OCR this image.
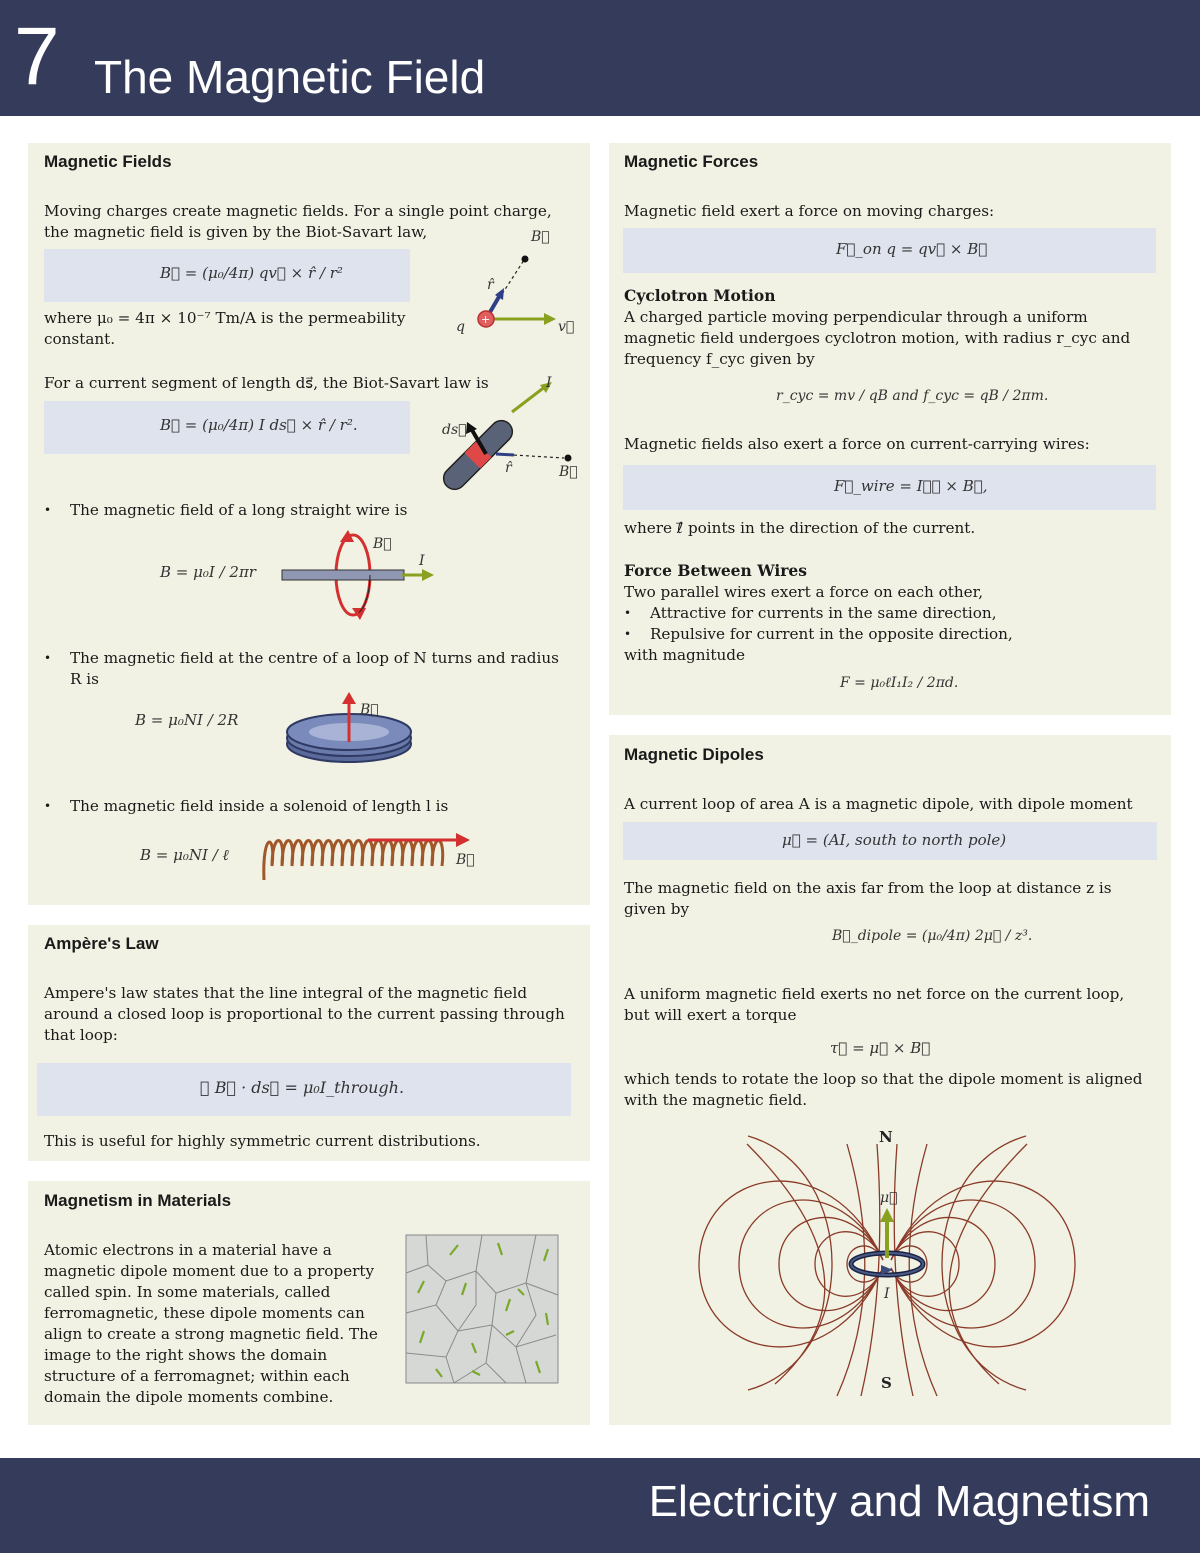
7 The Magnetic Field
Magnetic Fields
Moving charges create magnetic fields. For a single point charge, the magnetic field is given by the Biot-Savart law,
B⃗ = (μ₀/4π) qv⃗ × r̂ / r²
where μ₀ = 4π × 10⁻⁷ Tm/A is the permeability constant.
+
B⃗
r̂
q	v⃗
For a current segment of length ds⃗, the Biot-Savart law is
B⃗ = (μ₀/4π) I ds⃗ × r̂ / r².
I
ds⃗
r̂	B⃗
• The magnetic field of a long straight wire is
B = μ₀I / 2πr
B⃗
I
• The magnetic field at the centre of a loop of N turns and radius R is
B = μ₀NI / 2R
B⃗
• The magnetic field inside a solenoid of length l is
B = μ₀NI / ℓ	B⃗
Ampère's Law
Ampere's law states that the line integral of the magnetic field around a closed loop is proportional to the current passing through that loop:
∮ B⃗ · ds⃗ = μ₀I_through.
This is useful for highly symmetric current distributions.
Magnetism in Materials
Atomic electrons in a material have a magnetic dipole moment due to a property called spin. In some materials, called ferromagnetic, these dipole moments can align to create a strong magnetic field. The image to the right shows the domain structure of a ferromagnet; within each domain the dipole moments combine.
Magnetic Forces
Magnetic field exert a force on moving charges:
F⃗_on q = qv⃗ × B⃗
Cyclotron Motion
A charged particle moving perpendicular through a uniform magnetic field undergoes cyclotron motion, with radius r_cyc and frequency f_cyc given by
r_cyc = mv / qB and f_cyc = qB / 2πm.
Magnetic fields also exert a force on current-carrying wires:
F⃗_wire = Iℓ⃗ × B⃗,
where ℓ⃗ points in the direction of the current.
Force Between Wires
Two parallel wires exert a force on each other,
• Attractive for currents in the same direction,
• Repulsive for current in the opposite direction,
with magnitude
F = μ₀ℓI₁I₂ / 2πd.
Magnetic Dipoles
A current loop of area A is a magnetic dipole, with dipole moment
μ⃗ = (AI, south to north pole)
The magnetic field on the axis far from the loop at distance z is given by
B⃗_dipole = (μ₀/4π) 2μ⃗ / z³.
A uniform magnetic field exerts no net force on the current loop, but will exert a torque
τ⃗ = μ⃗ × B⃗
which tends to rotate the loop so that the dipole moment is aligned with the magnetic field.
N
S
μ⃗
I
Electricity and Magnetism
